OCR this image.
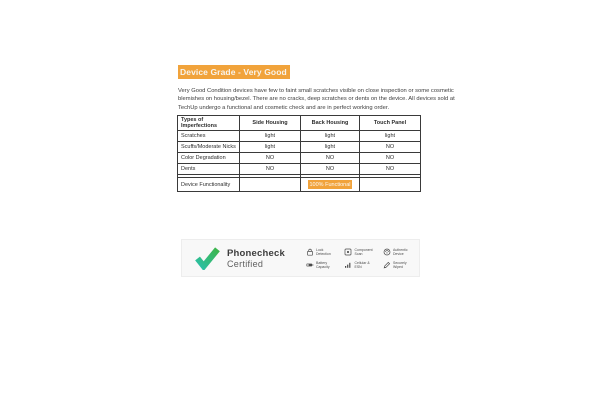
Device Grade - Very Good

Very Good Condition devices have few to faint small scratches visible on close inspection or some cosmetic blemishes on housing/bezel. There are no cracks, deep scratches or dents on the device. All devices sold at TechUp undergo a functional and cosmetic check and are in perfect working order.

Types of Imperfections	Side Housing	Back Housing	Touch Panel
Scratches	light	light	light
Scuffs/Moderate Nicks	light	light	NO
Color Degradation	NO	NO	NO
Dents	NO	NO	NO

Device Functionality		100% Functional	
Phonecheck
Certified
Lock Detection
Component Scan
Authentic Device
Battery Capacity
Cellular & ESN
Securely Wiped
